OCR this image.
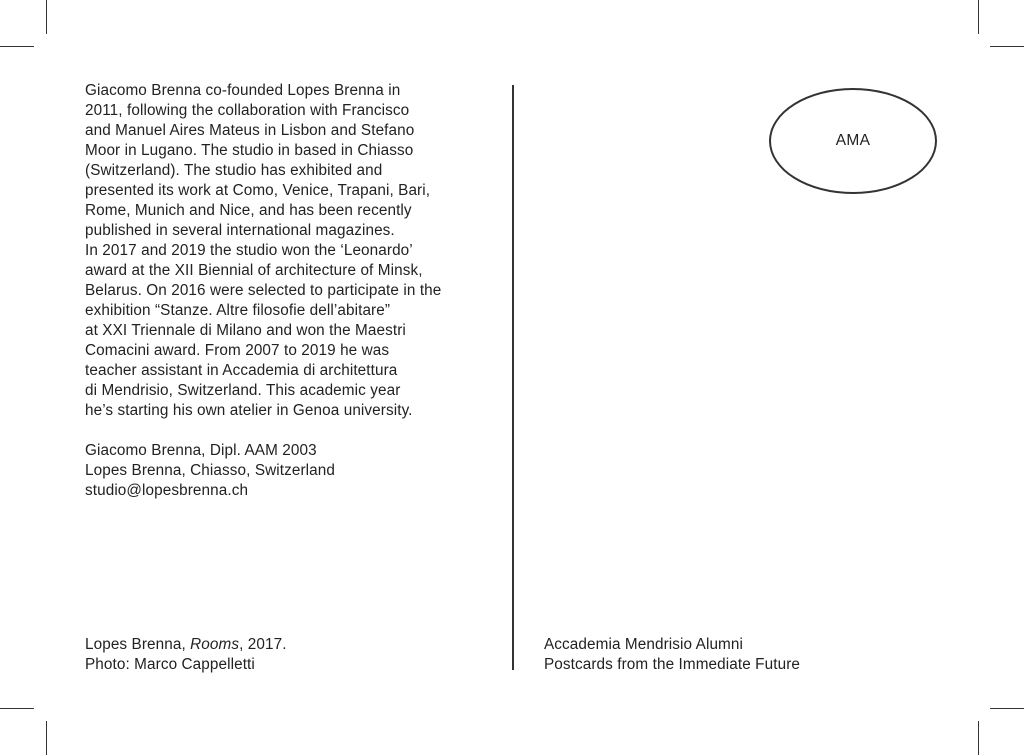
Giacomo Brenna co-founded Lopes Brenna in
2011, following the collaboration with Francisco
and Manuel Aires Mateus in Lisbon and Stefano
Moor in Lugano. The studio in based in Chiasso
(Switzerland). The studio has exhibited and
presented its work at Como, Venice, Trapani, Bari,
Rome, Munich and Nice, and has been recently
published in several international magazines.
In 2017 and 2019 the studio won the ‘Leonardo’
award at the XII Biennial of architecture of Minsk,
Belarus. On 2016 were selected to participate in the
exhibition “Stanze. Altre filosofie dell’abitare”
at XXI Triennale di Milano and won the Maestri
Comacini award. From 2007 to 2019 he was
teacher assistant in Accademia di architettura
di Mendrisio, Switzerland. This academic year
he’s starting his own atelier in Genoa university.
Giacomo Brenna, Dipl. AAM 2003
Lopes Brenna, Chiasso, Switzerland
studio@lopesbrenna.ch
Lopes Brenna, Rooms, 2017.
Photo: Marco Cappelletti
AMA
Accademia Mendrisio Alumni
Postcards from the Immediate Future
